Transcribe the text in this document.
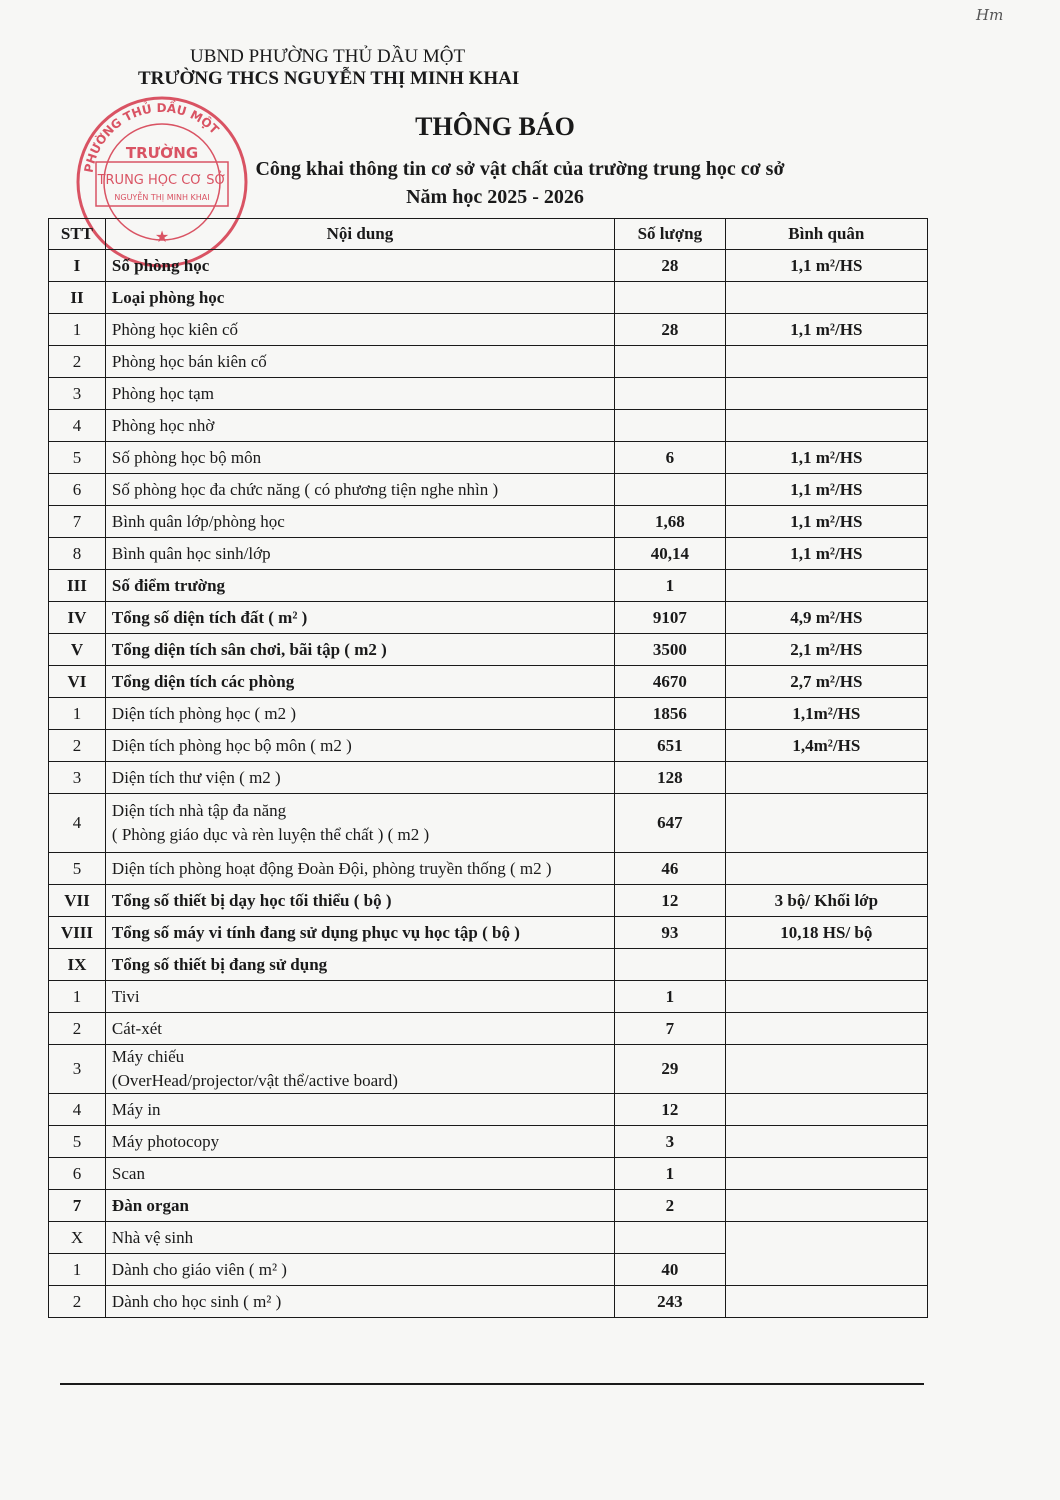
Hm
UBND PHƯỜNG THỦ DẦU MỘT
TRƯỜNG THCS NGUYỄN THỊ MINH KHAI
THÔNG BÁO
Công khai thông tin cơ sở vật chất của trường trung học cơ sở
Năm học 2025 - 2026
PHƯỜNG THỦ DẦU MỘT
TRƯỜNG
TRUNG HỌC CƠ SỞ
NGUYỄN THỊ MINH KHAI
★
STT	Nội dung	Số lượng	Bình quân
I	Số phòng học	28	1,1 m²/HS
II	Loại phòng học		
1	Phòng học kiên cố	28	1,1 m²/HS
2	Phòng học bán kiên cố		
3	Phòng học tạm		
4	Phòng học nhờ		
5	Số phòng học bộ môn	6	1,1 m²/HS
6	Số phòng học đa chức năng ( có phương tiện nghe nhìn )		1,1 m²/HS
7	Bình quân lớp/phòng học	1,68	1,1 m²/HS
8	Bình quân học sinh/lớp	40,14	1,1 m²/HS
III	Số điểm trường	1	
IV	Tổng số diện tích đất ( m² )	9107	4,9 m²/HS
V	Tổng diện tích sân chơi, bãi tập ( m2 )	3500	2,1 m²/HS
VI	Tổng diện tích các phòng	4670	2,7 m²/HS
1	Diện tích phòng học ( m2 )	1856	1,1m²/HS
2	Diện tích phòng học bộ môn ( m2 )	651	1,4m²/HS
3	Diện tích thư viện ( m2 )	128	
4	Diện tích nhà tập đa năng
( Phòng giáo dục và rèn luyện thể chất ) ( m2 )	647	
5	Diện tích phòng hoạt động Đoàn Đội, phòng truyền thống ( m2 )	46	
VII	Tổng số thiết bị dạy học tối thiểu ( bộ )	12	3 bộ/ Khối lớp
VIII	Tổng số máy vi tính đang sử dụng phục vụ học tập ( bộ )	93	10,18 HS/ bộ
IX	Tổng số thiết bị đang sử dụng		
1	Tivi	1	
2	Cát-xét	7	
3	Máy chiếu
(OverHead/projector/vật thể/active board)	29	
4	Máy in	12	
5	Máy photocopy	3	
6	Scan	1	
7	Đàn organ	2	
X	Nhà vệ sinh		
1	Dành cho giáo viên ( m² )	40	
2	Dành cho học sinh ( m² )	243	
